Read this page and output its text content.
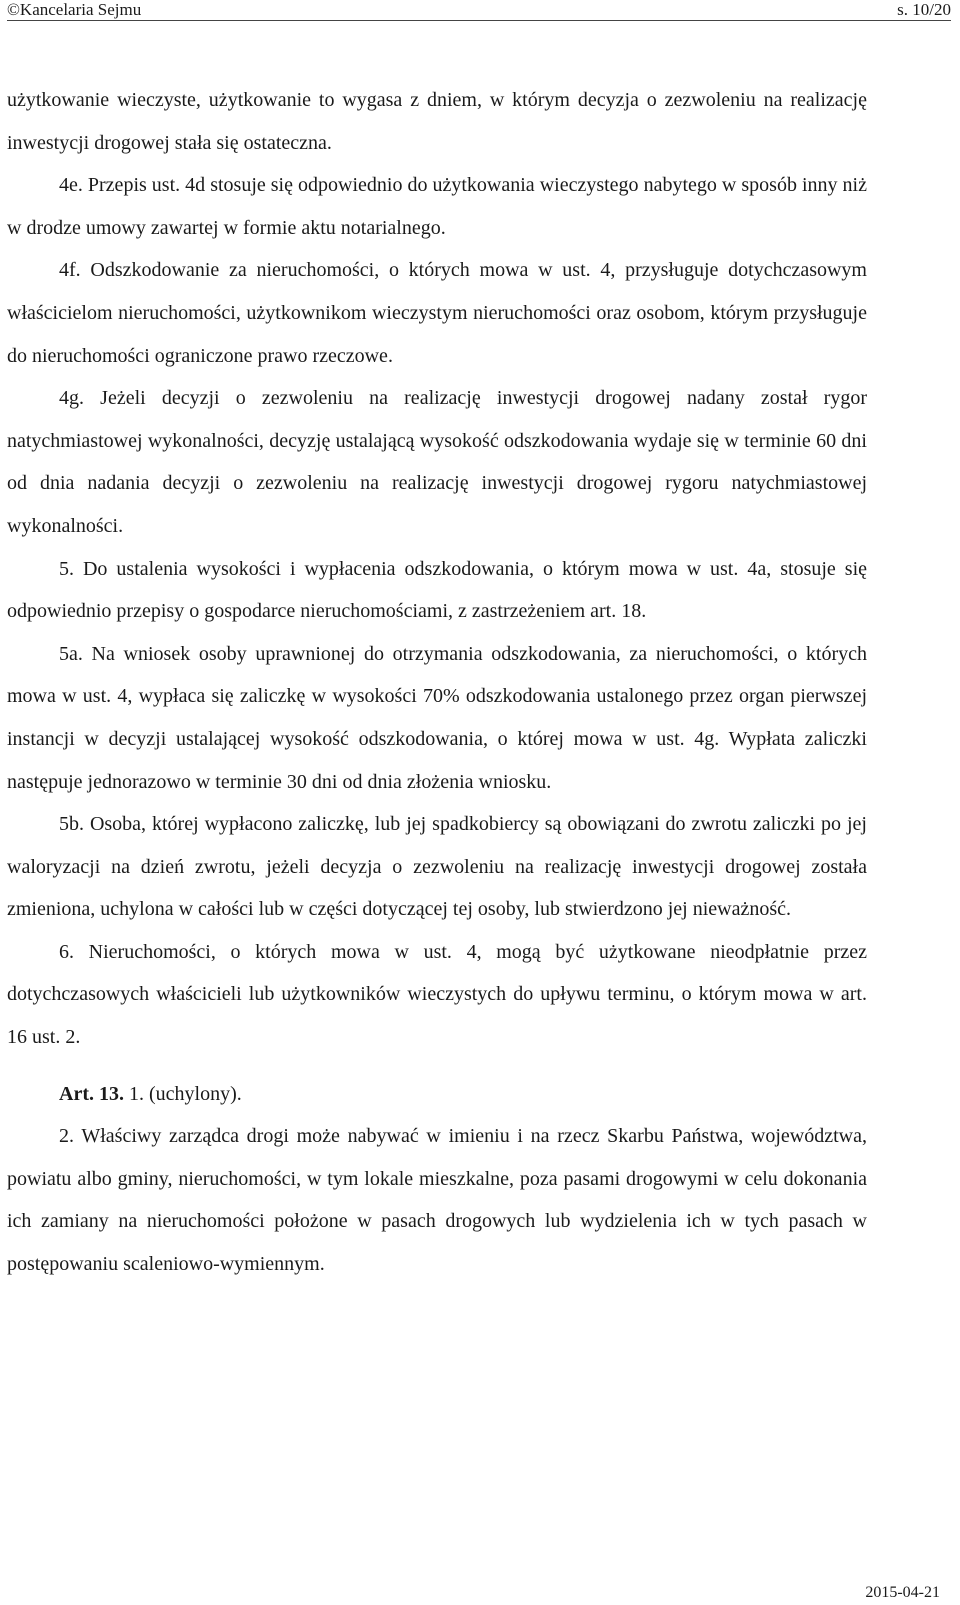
©Kancelaria Sejmu	s. 10/20

użytkowanie wieczyste, użytkowanie to wygasa z dniem, w którym decyzja o zezwoleniu na realizację inwestycji drogowej stała się ostateczna.

4e. Przepis ust. 4d stosuje się odpowiednio do użytkowania wieczystego nabytego w sposób inny niż w drodze umowy zawartej w formie aktu notarialnego.

4f. Odszkodowanie za nieruchomości, o których mowa w ust. 4, przysługuje dotychczasowym właścicielom nieruchomości, użytkownikom wieczystym nieruchomości oraz osobom, którym przysługuje do nieruchomości ograniczone prawo rzeczowe.

4g. Jeżeli decyzji o zezwoleniu na realizację inwestycji drogowej nadany został rygor natychmiastowej wykonalności, decyzję ustalającą wysokość odszkodowania wydaje się w terminie 60 dni od dnia nadania decyzji o zezwoleniu na realizację inwestycji drogowej rygoru natychmiastowej wykonalności.

5. Do ustalenia wysokości i wypłacenia odszkodowania, o którym mowa w ust. 4a, stosuje się odpowiednio przepisy o gospodarce nieruchomościami, z zastrzeżeniem art. 18.

5a. Na wniosek osoby uprawnionej do otrzymania odszkodowania, za nieruchomości, o których mowa w ust. 4, wypłaca się zaliczkę w wysokości 70% odszkodowania ustalonego przez organ pierwszej instancji w decyzji ustalającej wysokość odszkodowania, o której mowa w ust. 4g. Wypłata zaliczki następuje jednorazowo w terminie 30 dni od dnia złożenia wniosku.

5b. Osoba, której wypłacono zaliczkę, lub jej spadkobiercy są obowiązani do zwrotu zaliczki po jej waloryzacji na dzień zwrotu, jeżeli decyzja o zezwoleniu na realizację inwestycji drogowej została zmieniona, uchylona w całości lub w części dotyczącej tej osoby, lub stwierdzono jej nieważność.

6. Nieruchomości, o których mowa w ust. 4, mogą być użytkowane nieodpłatnie przez dotychczasowych właścicieli lub użytkowników wieczystych do upływu terminu, o którym mowa w art. 16 ust. 2.

Art. 13. 1. (uchylony).

2. Właściwy zarządca drogi może nabywać w imieniu i na rzecz Skarbu Państwa, województwa, powiatu albo gminy, nieruchomości, w tym lokale mieszkalne, poza pasami drogowymi w celu dokonania ich zamiany na nieruchomości położone w pasach drogowych lub wydzielenia ich w tych pasach w postępowaniu scaleniowo-wymiennym.

2015-04-21
